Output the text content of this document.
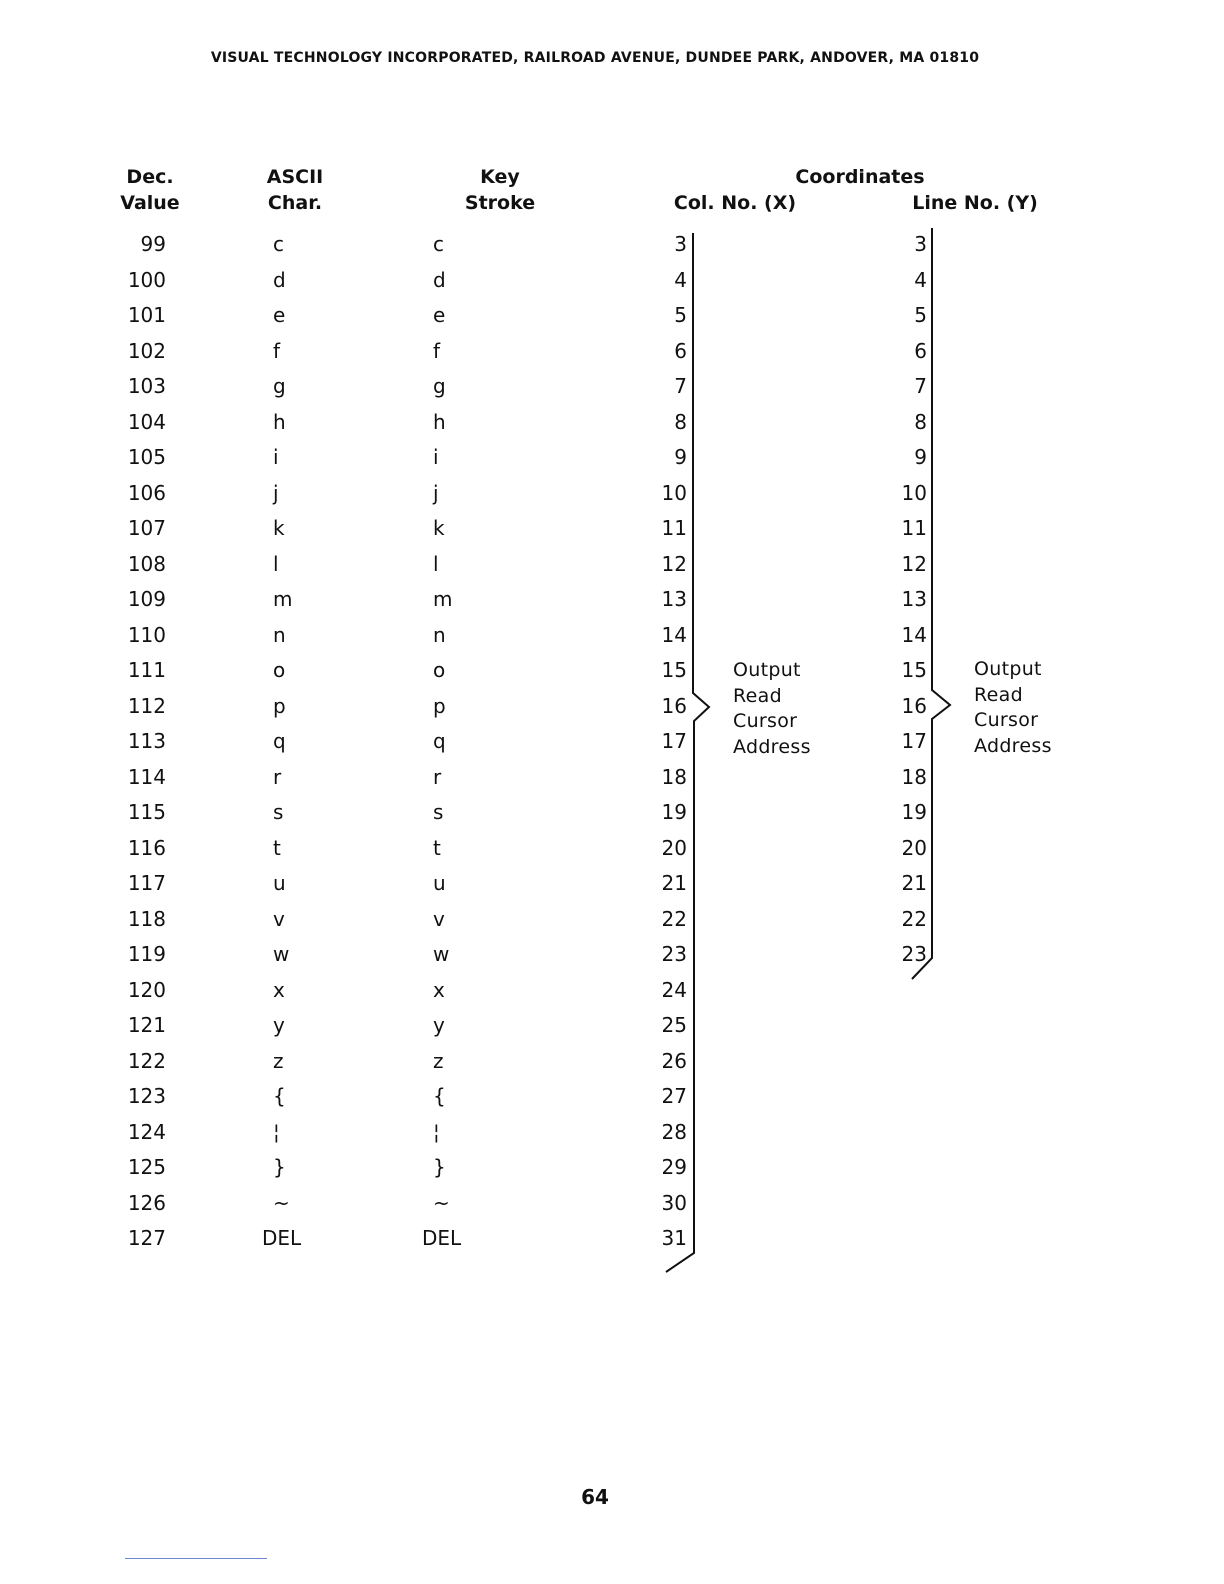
VISUAL TECHNOLOGY INCORPORATED, RAILROAD AVENUE, DUNDEE PARK, ANDOVER, MA 01810
Dec.
Value
ASCII
Char.
Key
Stroke
Coordinates
Col. No. (X)	Line No. (Y)
99	c	c	3	3
100	d	d	4	4
101	e	e	5	5
102	f	f	6	6
103	g	g	7	7
104	h	h	8	8
105	i	i	9	9
106	j	j	10	10
107	k	k	11	11
108	l	l	12	12
109	m	m	13	13
110	n	n	14	14
111	o	o	15	15
112	p	p	16	16
113	q	q	17	17
114	r	r	18	18
115	s	s	19	19
116	t	t	20	20
117	u	u	21	21
118	v	v	22	22
119	w	w	23	23
120	x	x	24
121	y	y	25
122	z	z	26
123	{	{	27
124	¦	¦	28
125	}	}	29
126	~	~	30
127	DEL	DEL	31
Output
Read
Cursor
Address
Output
Read
Cursor
Address
64
